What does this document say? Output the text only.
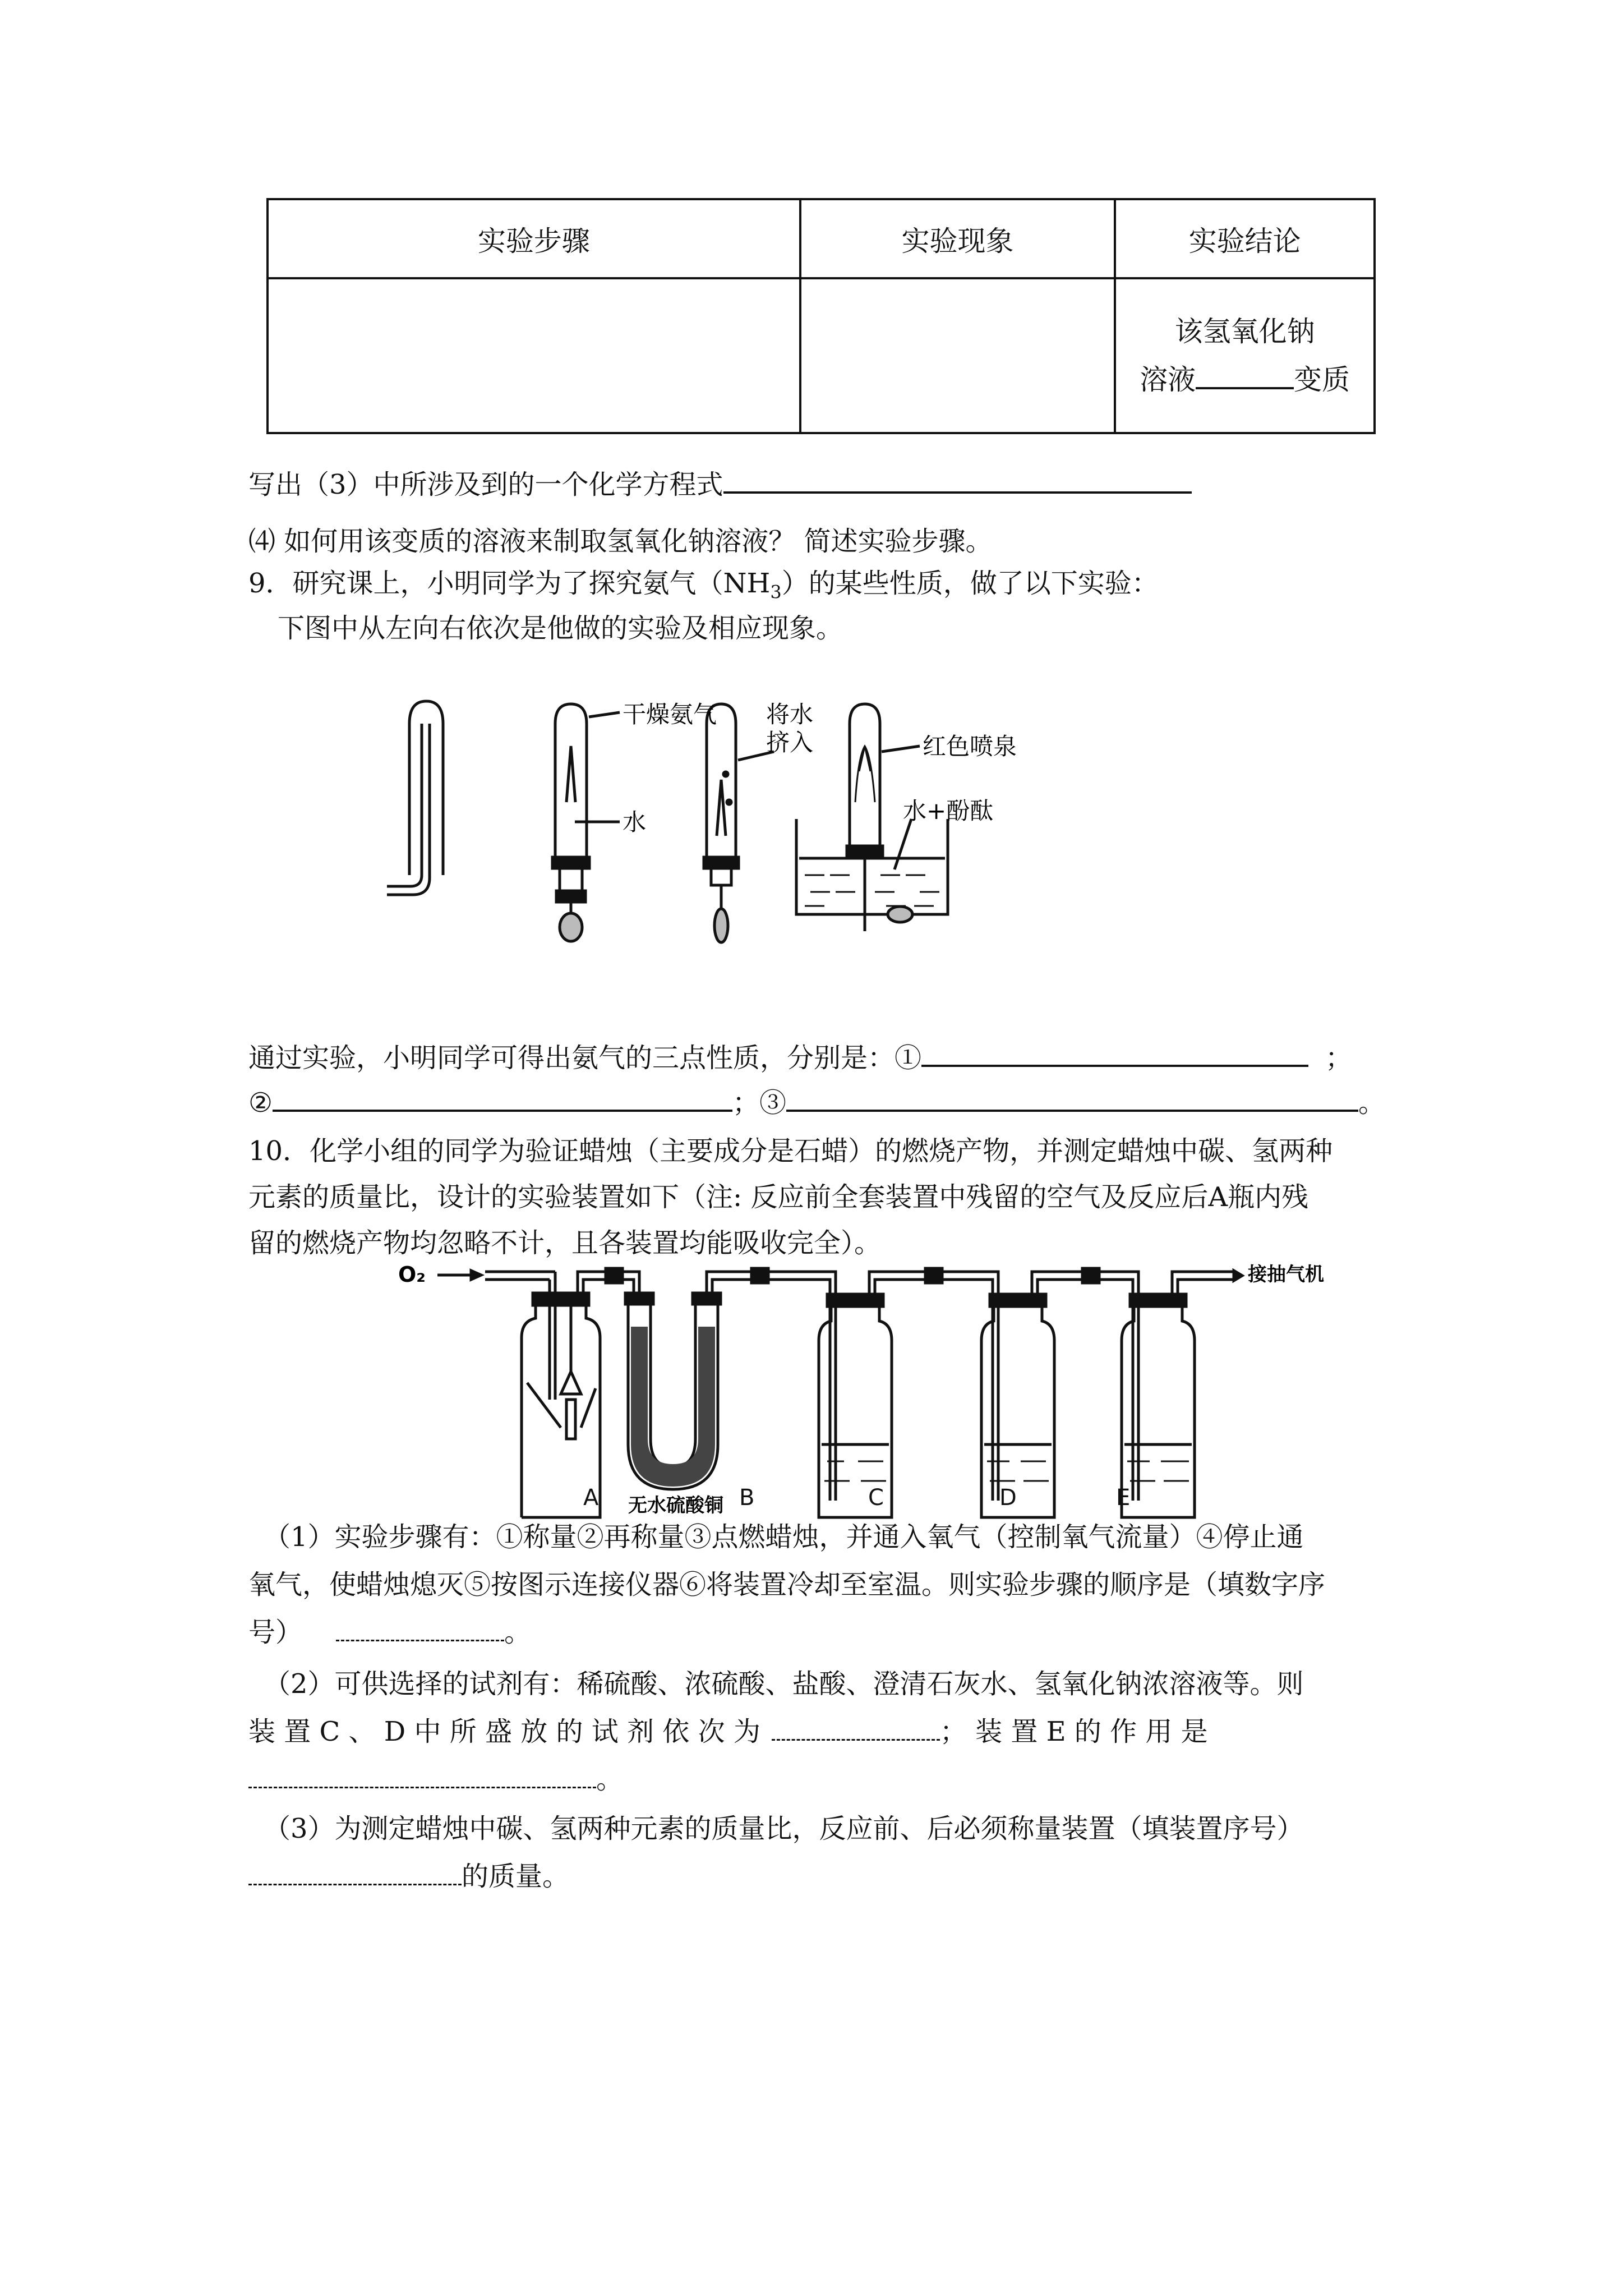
实验步骤	实验现象	实验结论

		该氢氧化钠
溶液 变质
写出（3）中所涉及到的一个化学方程式
⑷ 如何用该变质的溶液来制取氢氧化钠溶液？ 简述实验步骤。
9．研究课上，小明同学为了探究氨气$(NH_3)$的某些性质，做了以下实验：
下图中从左向右依次是他做的实验及相应现象。
干燥氨气
水
将水
挤入	红色喷泉
水+酚酞
通过实验，小明同学可得出氨气的三点性质，分别是：①	；
②	；③	。
10．化学小组的同学为验证蜡烛（主要成分是石蜡）的燃烧产物，并测定蜡烛中碳、氢两种
元素的质量比，设计的实验装置如下（注: 反应前全套装置中残留的空气及反应后A瓶内残
留的燃烧产物均忽略不计，且各装置均能吸收完全）。
O₂	接抽气机
无水硫酸铜
A	B	C	D	E
（1）实验步骤有：①称量②再称量③点燃蜡烛，并通入氧气（控制氧气流量）④停止通
氧气，使蜡烛熄灭⑤按图示连接仪器⑥将装置冷却至室温。则实验步骤的顺序是（填数字序
号）	。
（2）可供选择的试剂有：稀硫酸、浓硫酸、盐酸、澄清石灰水、氢氧化钠浓溶液等。则
装 置 C 、 D 中 所 盛 放 的 试 剂 依 次 为	； 装 置 E 的 作 用 是
。
（3）为测定蜡烛中碳、氢两种元素的质量比，反应前、后必须称量装置（填装置序号）
的质量。
